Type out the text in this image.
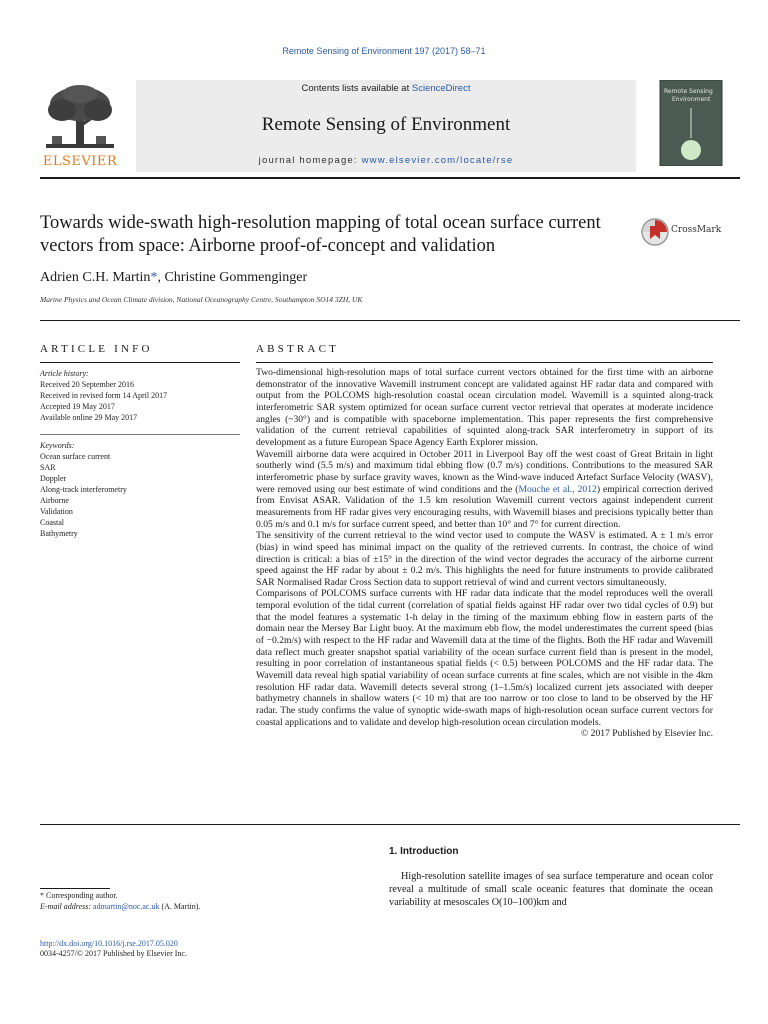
Remote Sensing of Environment 197 (2017) 58–71
ELSEVIER
Contents lists available at ScienceDirect
Remote Sensing of Environment
journal homepage: www.elsevier.com/locate/rse
Remote Sensing
Environment
Towards wide-swath high-resolution mapping of total ocean surface current vectors from space: Airborne proof-of-concept and validation
CrossMark
Adrien C.H. Martin*, Christine Gommenginger
Marine Physics and Ocean Climate division, National Oceanography Centre, Southampton SO14 3ZH, UK
ARTICLE INFO	ABSTRACT
Article history:
Received 20 September 2016
Received in revised form 14 April 2017
Accepted 19 May 2017
Available online 29 May 2017
Keywords:
Ocean surface current
SAR
Doppler
Along-track interferometry
Airborne
Validation
Coastal
Bathymetry

Two-dimensional high-resolution maps of total surface current vectors obtained for the first time with an airborne demonstrator of the innovative Wavemill instrument concept are validated against HF radar data and compared with output from the POLCOMS high-resolution coastal ocean circulation model. Wavemill is a squinted along-track interferometric SAR system optimized for ocean surface current vector retrieval that operates at moderate incidence angles (~30°) and is compatible with spaceborne implementation. This paper represents the first comprehensive validation of the current retrieval capabilities of squinted along-track SAR interferometry in support of its development as a future European Space Agency Earth Explorer mission.

Wavemill airborne data were acquired in October 2011 in Liverpool Bay off the west coast of Great Britain in light southerly wind (5.5 m/s) and maximum tidal ebbing flow (0.7 m/s) conditions. Contributions to the measured SAR interferometric phase by surface gravity waves, known as the Wind-wave induced Artefact Surface Velocity (WASV), were removed using our best estimate of wind conditions and the (Mouche et al., 2012) empirical correction derived from Envisat ASAR. Validation of the 1.5 km resolution Wavemill current vectors against independent current measurements from HF radar gives very encouraging results, with Wavemill biases and precisions typically better than 0.05 m/s and 0.1 m/s for surface current speed, and better than 10° and 7° for current direction.

The sensitivity of the current retrieval to the wind vector used to compute the WASV is estimated. A ± 1 m/s error (bias) in wind speed has minimal impact on the quality of the retrieved currents. In contrast, the choice of wind direction is critical: a bias of ±15° in the direction of the wind vector degrades the accuracy of the airborne current speed against the HF radar by about ± 0.2 m/s. This highlights the need for future instruments to provide calibrated SAR Normalised Radar Cross Section data to support retrieval of wind and current vectors simultaneously.

Comparisons of POLCOMS surface currents with HF radar data indicate that the model reproduces well the overall temporal evolution of the tidal current (correlation of spatial fields against HF radar over two tidal cycles of 0.9) but that the model features a systematic 1-h delay in the timing of the maximum ebbing flow in eastern parts of the domain near the Mersey Bar Light buoy. At the maximum ebb flow, the model underestimates the current speed (bias of −0.2m/s) with respect to the HF radar and Wavemill data at the time of the flights. Both the HF radar and Wavemill data reflect much greater snapshot spatial variability of the ocean surface current field than is present in the model, resulting in poor correlation of instantaneous spatial fields (< 0.5) between POLCOMS and the HF radar data. The Wavemill data reveal high spatial variability of ocean surface currents at fine scales, which are not visible in the 4km resolution HF radar data. Wavemill detects several strong (1–1.5m/s) localized current jets associated with deeper bathymetry channels in shallow waters (< 10 m) that are too narrow or too close to land to be observed by the HF radar. The study confirms the value of synoptic wide-swath maps of high-resolution ocean surface current vectors for coastal applications and to validate and develop high-resolution ocean circulation models.

© 2017 Published by Elsevier Inc.

1. Introduction
High-resolution satellite images of sea surface temperature and ocean color reveal a multitude of small scale oceanic features that dominate the ocean variability at mesoscales O(10–100)km and
* Corresponding author.
E-mail address: admartin@noc.ac.uk (A. Martin).
http://dx.doi.org/10.1016/j.rse.2017.05.020
0034-4257/© 2017 Published by Elsevier Inc.
